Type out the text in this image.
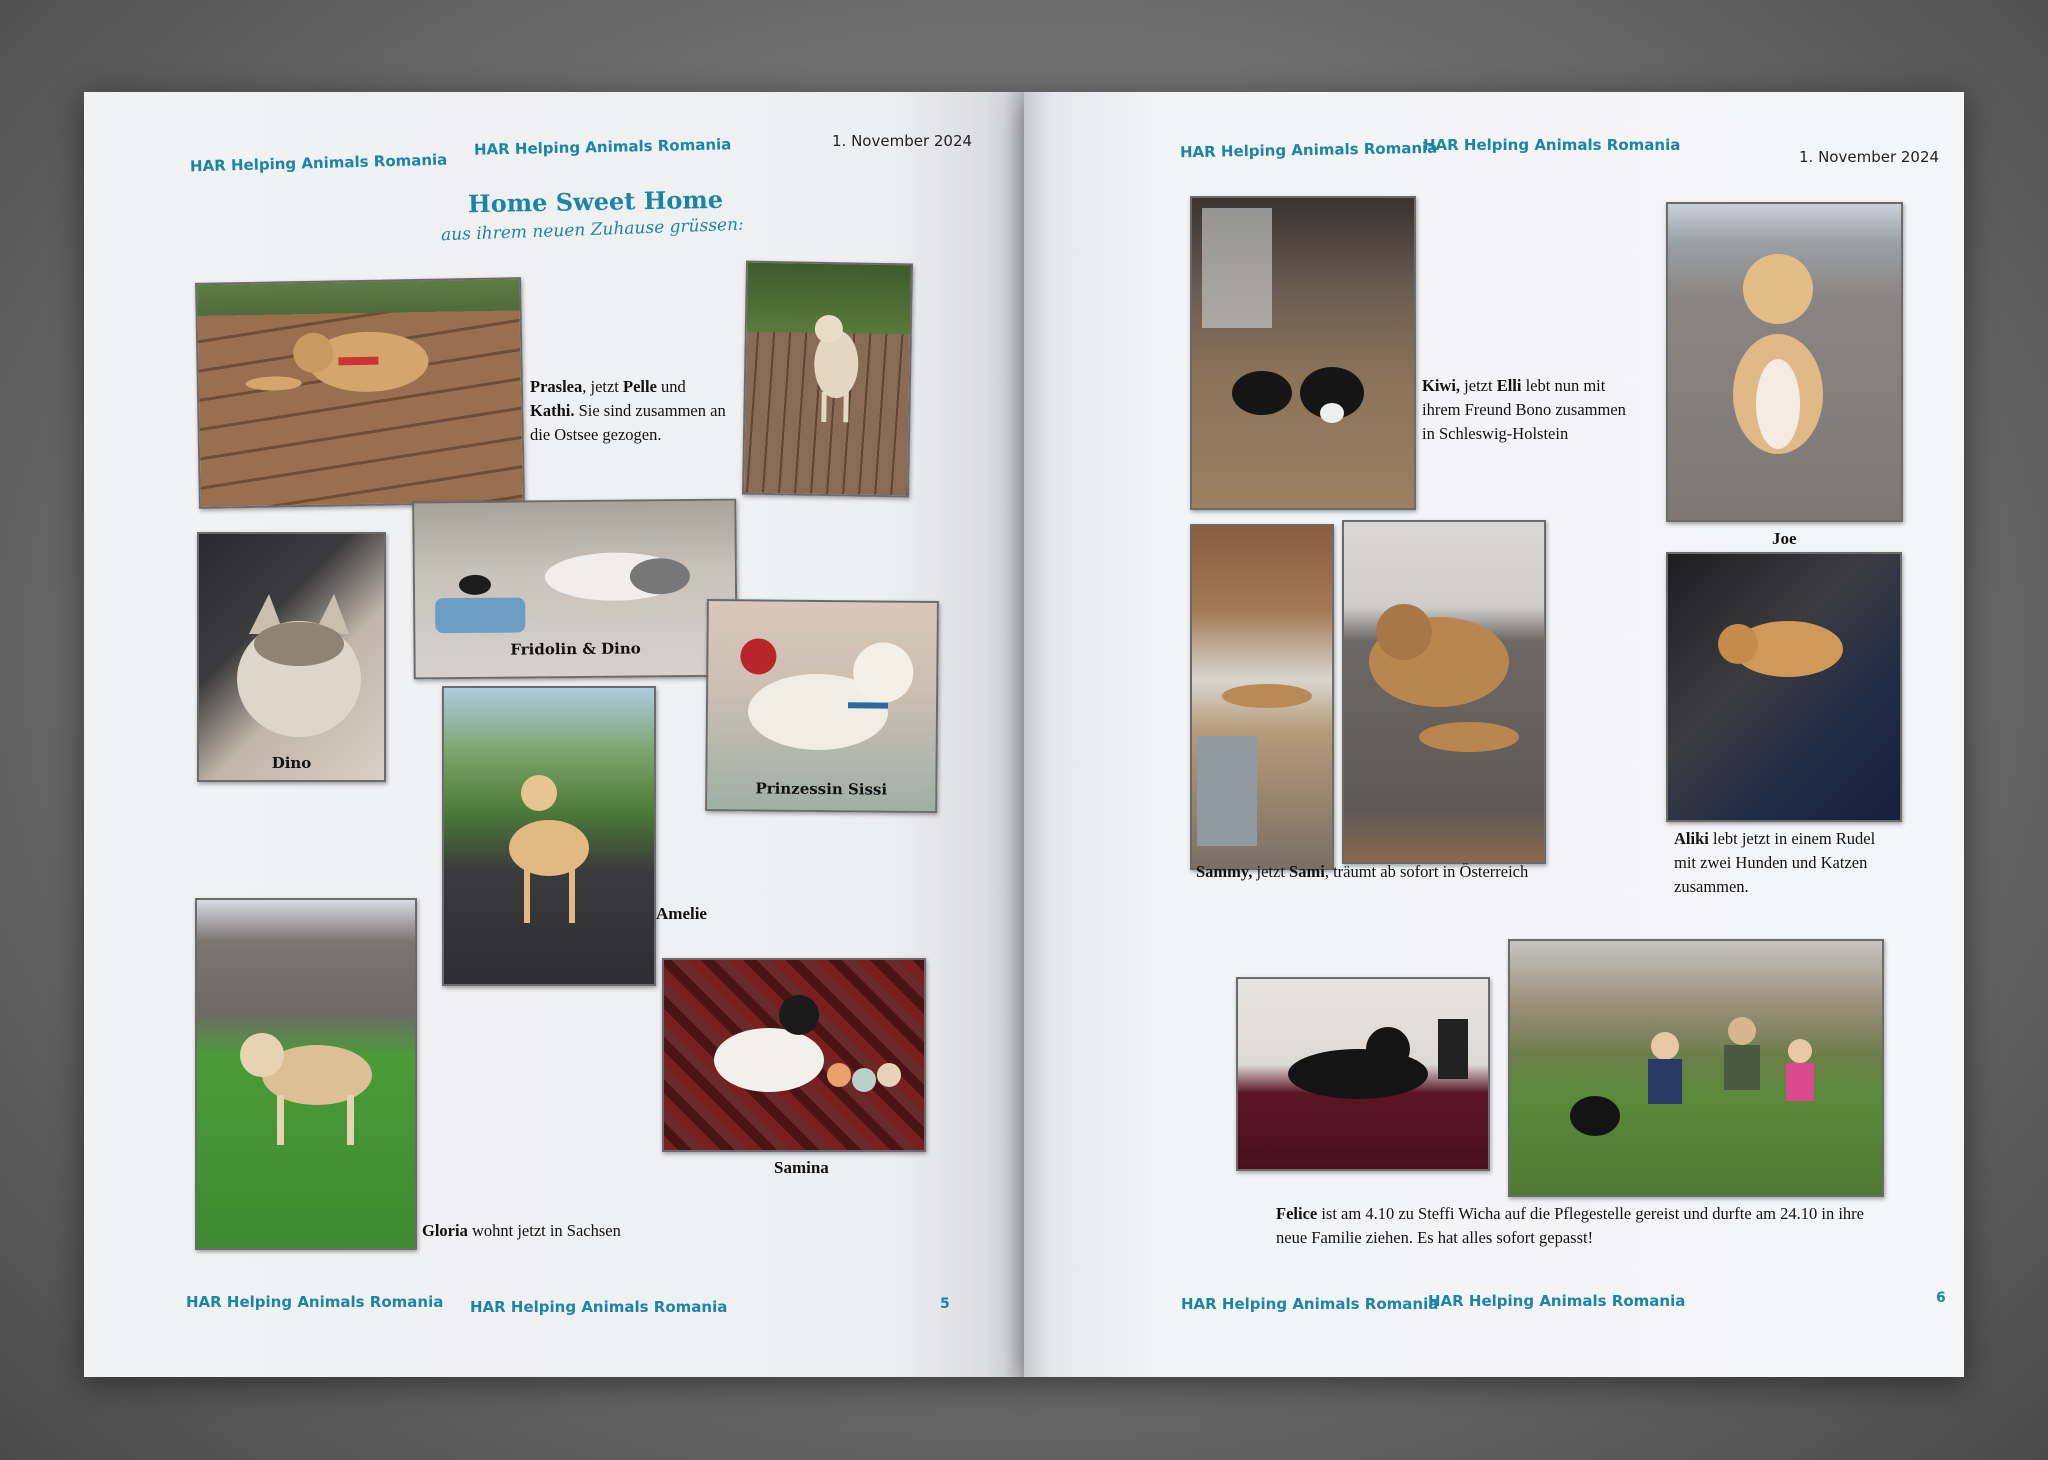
HAR Helping Animals Romania
HAR Helping Animals Romania	1. November 2024
Home Sweet Home
aus ihrem neuen Zuhause grüssen:
Praslea, jetzt Pelle und
Kathi. Sie sind zusammen an die Ostsee gezogen.
Dino
Fridolin & Dino
Prinzessin Sissi
Amelie
Gloria wohnt jetzt in Sachsen
Samina
HAR Helping Animals Romania HAR Helping Animals Romania	5
HAR Helping Animals Romania
HAR Helping Animals Romania
1. November 2024
Kiwi, jetzt Elli lebt nun mit ihrem Freund Bono zusammen in Schleswig-Holstein
Joe
Sammy, jetzt Sami, träumt ab sofort in Österreich
Aliki lebt jetzt in einem Rudel mit zwei Hunden und Katzen zusammen.
Felice ist am 4.10 zu Steffi Wicha auf die Pflegestelle gereist und durfte am 24.10 in ihre neue Familie ziehen. Es hat alles sofort gepasst!
HAR Helping Animals Romania
HAR Helping Animals Romania	6
